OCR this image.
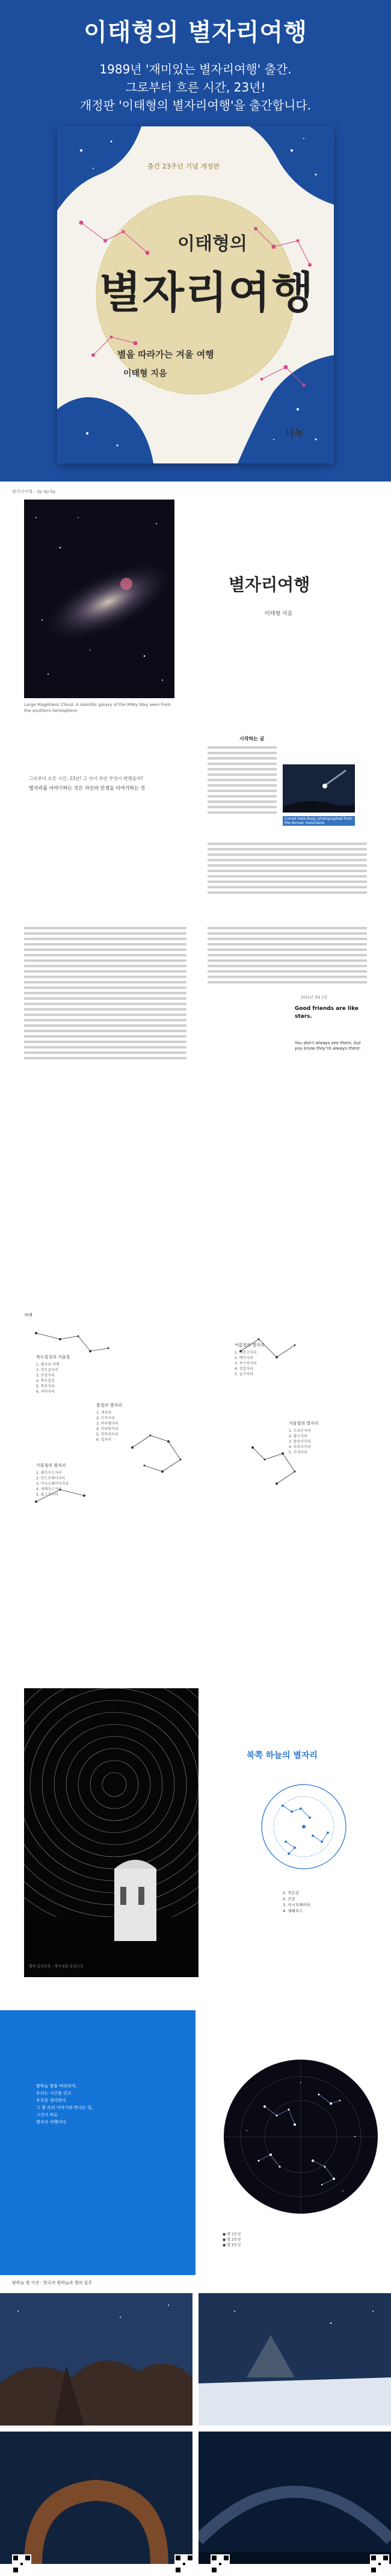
이태형의 별자리여행
1989년 '재미있는 별자리여행' 출간.
그로부터 흐른 시간, 23년!
개정판 '이태형의 별자리여행'을 출간합니다.
출간 23주년 기념 개정판
이태형의
별자리여행
별을 따라가는 겨울 여행
이태형 지음
나녹
別자리여행 - 3p 4p 5p
Large Magellanic Cloud. A satellite galaxy of the Milky Way seen from the southern hemisphere.
별자리여행
이태형 지음
그로부터 흐른 시간, 23년! 그 사이 과연 무엇이 변했을까?
별자리를 이야기하는 것은 자신의 인생을 이야기하는 것
시작하는 글
Comet Hale-Bopp photographed from the Korean mountains
2012년 3월 1일
Good friends are like stars.
You don't always see them, but you know they're always there.
차례
북두칠성과 겨울철
1. 별자리 여행
2. 작은곰자리
3. 큰곰자리
4. 북두칠성
5. 목동자리
6. 처녀자리
봄철의 별자리
1. 게자리
2. 사자자리
3. 바다뱀자리
4. 머리털자리
5. 까마귀자리
6. 컵자리
여름철의 별자리
1. 거문고자리
2. 백조자리
3. 독수리자리
4. 전갈자리
5. 궁수자리
가을철의 별자리
1. 페가수스자리
2. 안드로메다자리
3. 카시오페이아자리
4. 세페우스자리
5. 물고기자리
겨울철의 별자리
1. 오리온자리
2. 황소자리
3. 쌍둥이자리
4. 마차부자리
5. 큰개자리
별의 일주운동 - 북극성을 중심으로
북쪽 하늘의 별자리
1. 작은곰
2. 큰곰
3. 카시오페이아
4. 세페우스
밤하늘 별을 바라보며,
우리는 시간을 잊고
우주를 생각한다.
그 별 속의 이야기와 만나는 일,
그것이 바로
별자리 여행이다.
● 별 1등성
● 별 2등성
● 별 3등성
밤하늘 별 사진 - 한국의 밤하늘과 별의 일주
